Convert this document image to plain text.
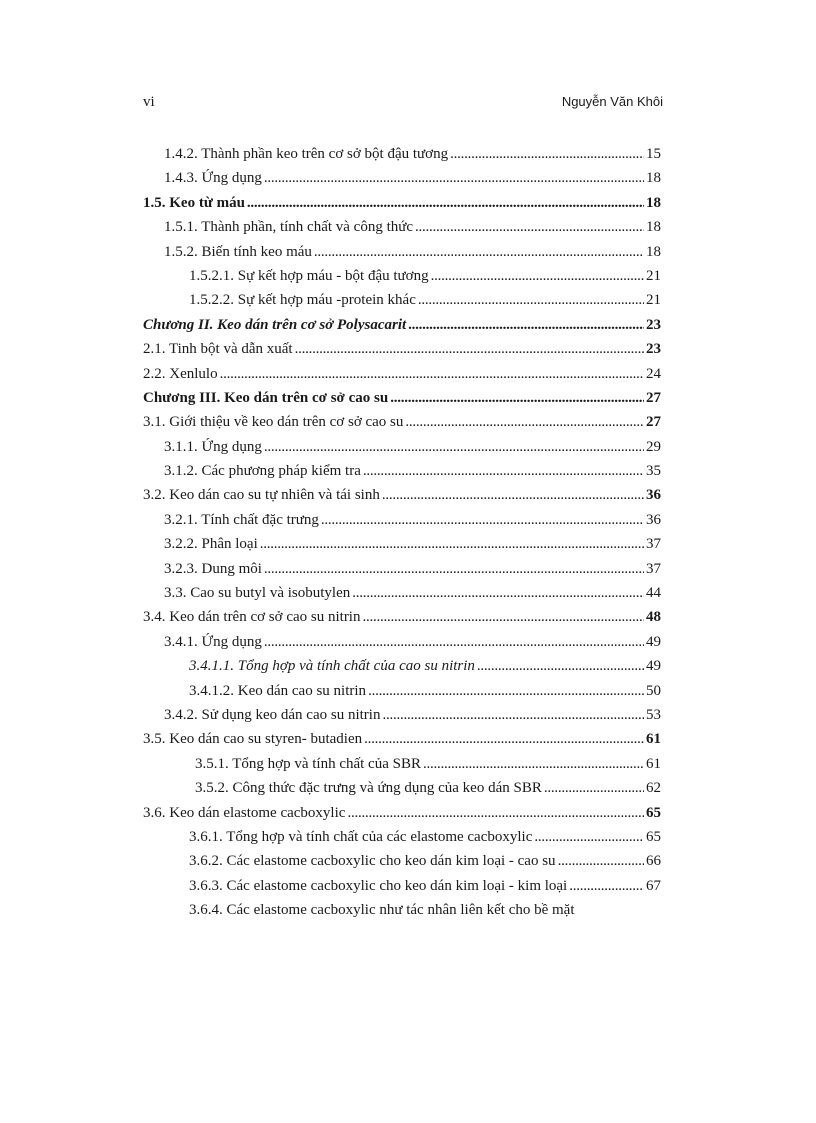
vi	Nguyễn Văn Khôi
1.4.2. Thành phần keo trên cơ sở bột đậu tương . . .	15
1.4.3. Ứng dụng . . .	18
1.5. Keo từ máu . . .	18
1.5.1. Thành phần, tính chất và công thức . . .	18
1.5.2. Biến tính keo máu . . .	18
1.5.2.1. Sự kết hợp máu - bột đậu tương . . .	21
1.5.2.2. Sự kết hợp máu -protein khác . . .	21
Chương II. Keo dán trên cơ sở Polysacarit . . .	23
2.1. Tinh bột và dẫn xuất . . .	23
2.2. Xenlulo . . .	24
Chương III. Keo dán trên cơ sở cao su . . .	27
3.1. Giới thiệu về keo dán trên cơ sở cao su . . .	27
3.1.1. Ứng dụng . . .	29
3.1.2. Các phương pháp kiểm tra . . .	35
3.2. Keo dán cao su tự nhiên và tái sinh . . .	36
3.2.1. Tính chất đặc trưng . . .	36
3.2.2. Phân loại . . .	37
3.2.3. Dung môi . . .	37
3.3. Cao su butyl và isobutylen . . .	44
3.4. Keo dán trên cơ sở cao su nitrin . . .	48
3.4.1. Ứng dụng . . .	49
3.4.1.1. Tổng hợp và tính chất của cao su nitrin . . .	49
3.4.1.2. Keo dán cao su nitrin . . .	50
3.4.2. Sử dụng keo dán cao su nitrin . . .	53
3.5. Keo dán cao su styren- butadien . . .	61
3.5.1. Tổng hợp và tính chất của SBR . . .	61
3.5.2. Công thức đặc trưng và ứng dụng của keo dán SBR . . .	62
3.6. Keo dán elastome cacboxylic . . .	65
3.6.1. Tổng hợp và tính chất của các elastome cacboxylic . . .	65
3.6.2. Các elastome cacboxylic cho keo dán kim loại - cao su . . .	66
3.6.3. Các elastome cacboxylic cho keo dán kim loại - kim loại . . .	67
3.6.4. Các elastome cacboxylic như tác nhân liên kết cho bề mặt
